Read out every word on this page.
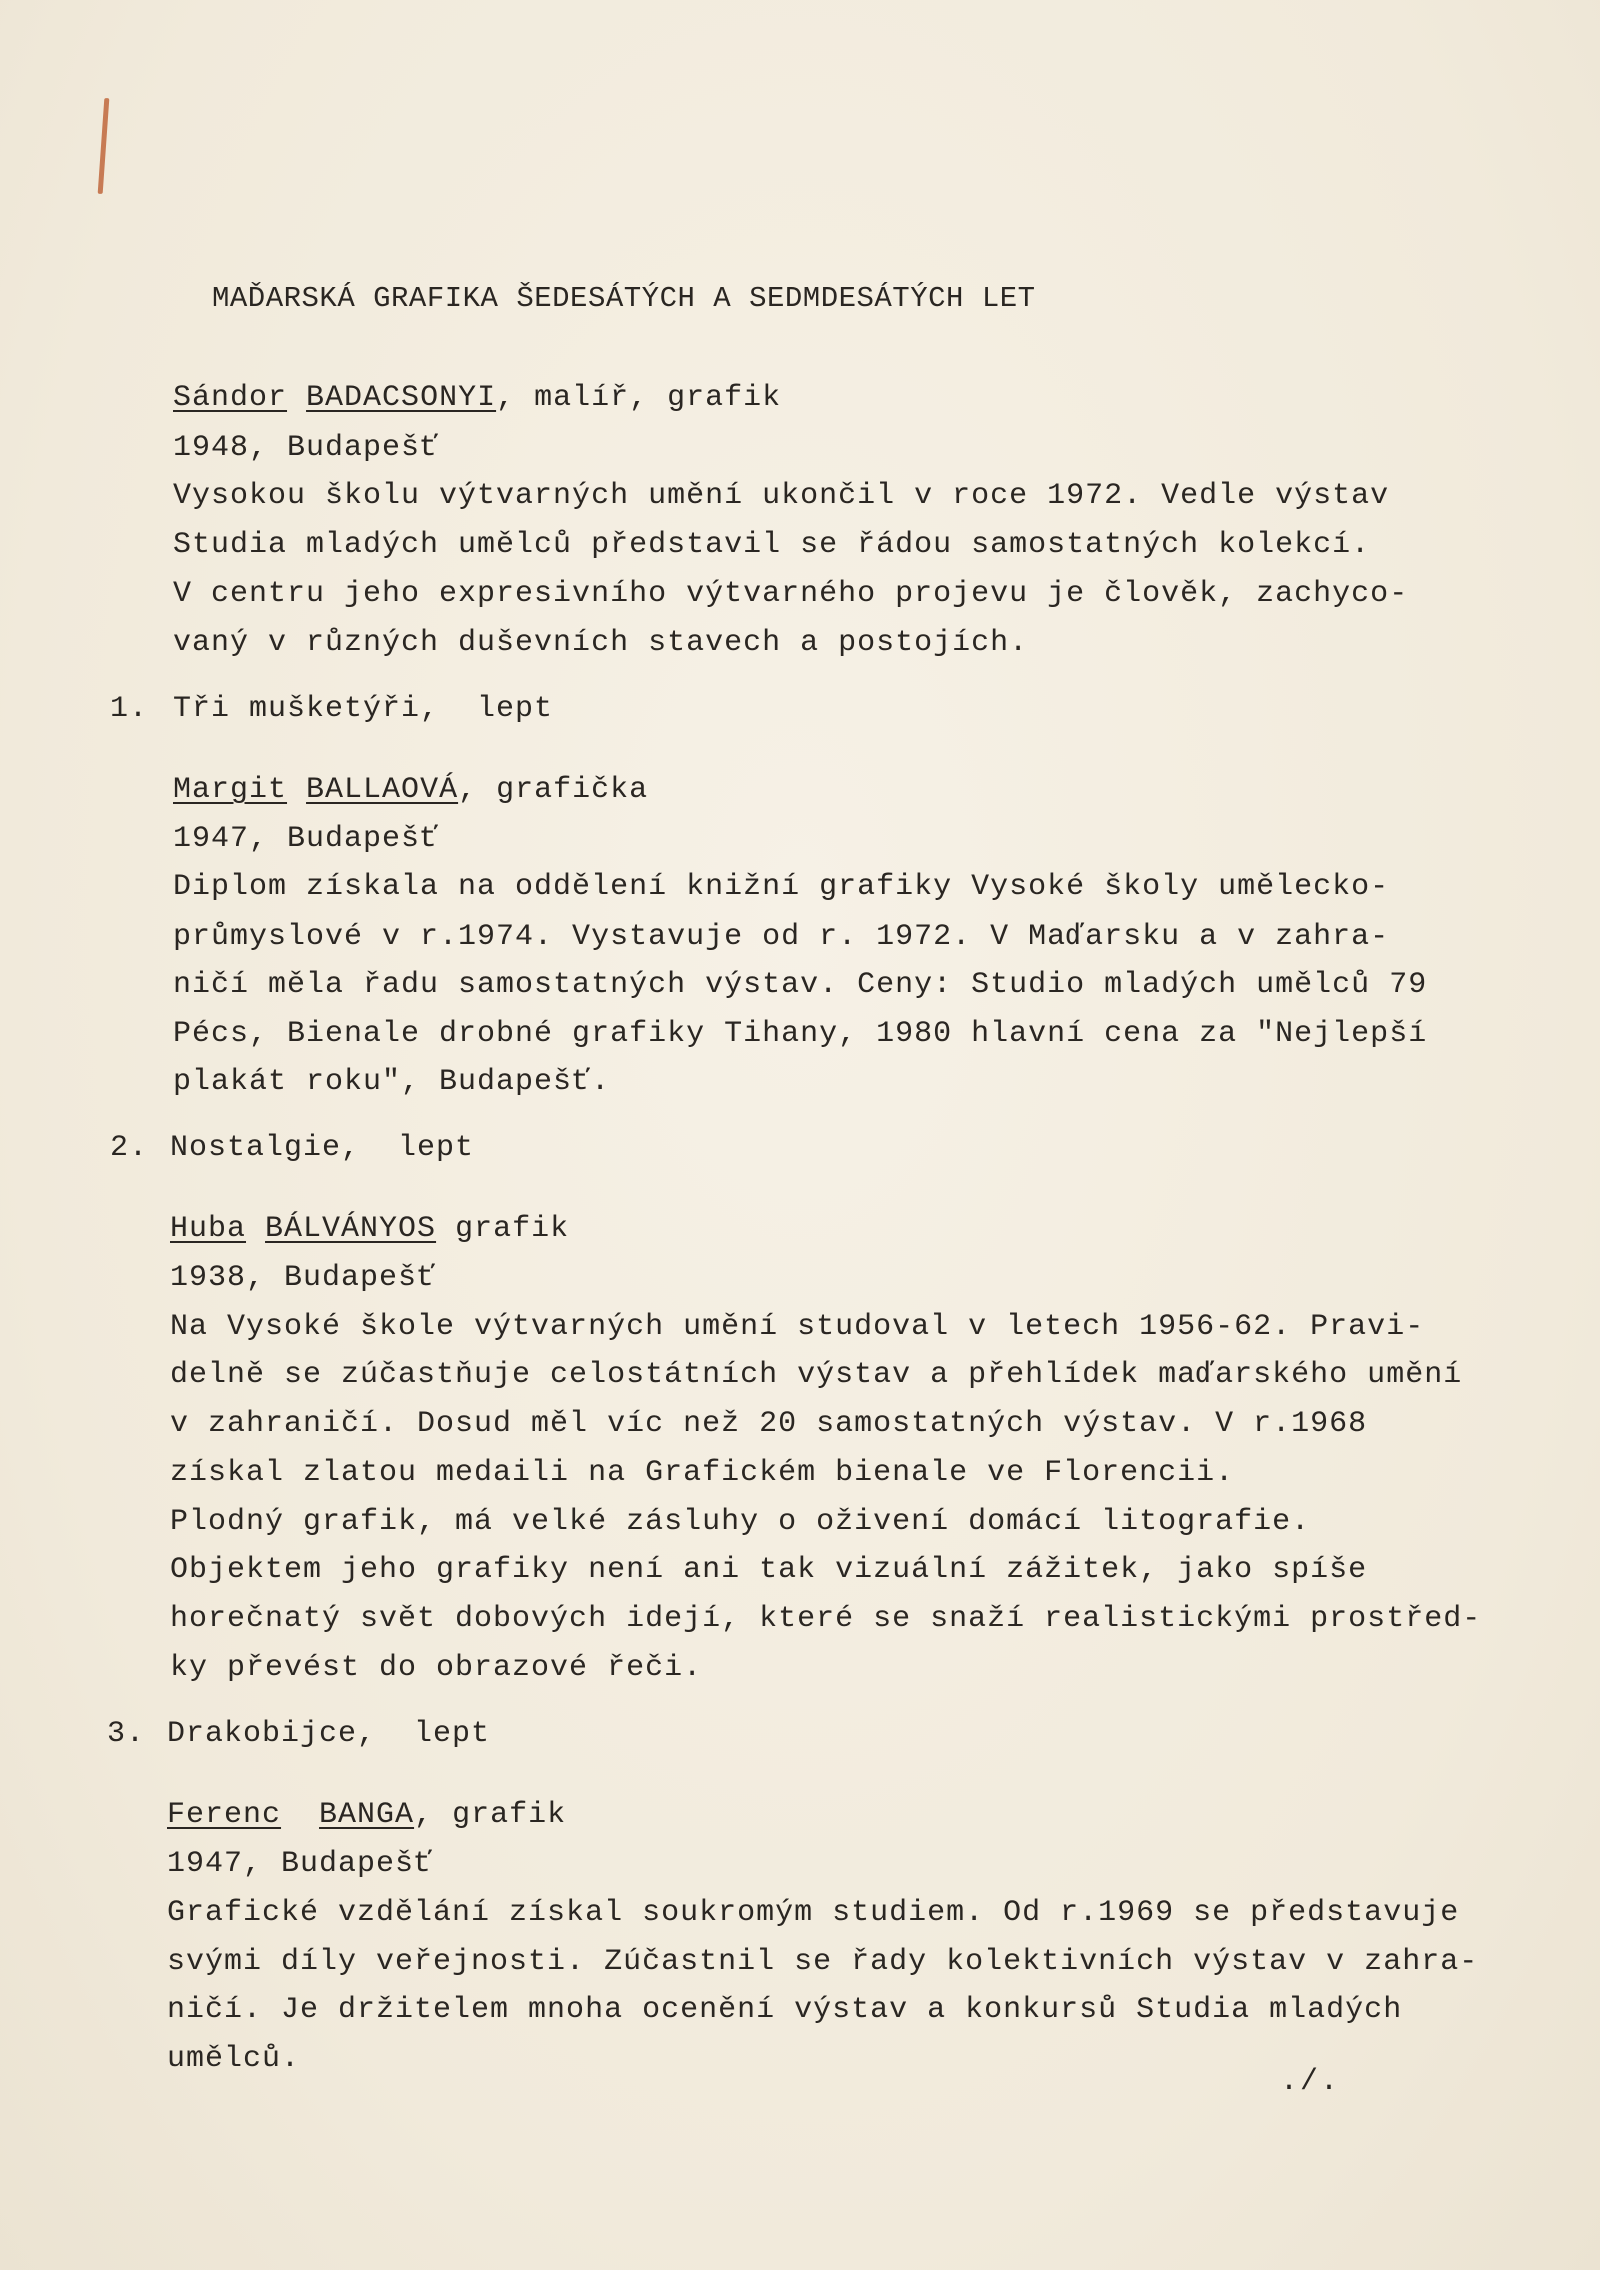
MAĎARSKÁ GRAFIKA ŠEDESÁTÝCH A SEDMDESÁTÝCH LET
Sándor BADACSONYI, malíř, grafik
1948, Budapešť
Vysokou školu výtvarných umění ukončil v roce 1972. Vedle výstav
Studia mladých umělců představil se řádou samostatných kolekcí.
V centru jeho expresivního výtvarného projevu je člověk, zachyco-
vaný v různých duševních stavech a postojích.
1. Tři mušketýři,  lept
Margit BALLAOVÁ, grafička
1947, Budapešť
Diplom získala na oddělení knižní grafiky Vysoké školy umělecko-
průmyslové v r.1974. Vystavuje od r. 1972. V Maďarsku a v zahra-
ničí měla řadu samostatných výstav. Ceny: Studio mladých umělců 79
Pécs, Bienale drobné grafiky Tihany, 1980 hlavní cena za "Nejlepší
plakát roku", Budapešť.
2. Nostalgie,  lept
Huba BÁLVÁNYOS grafik
1938, Budapešť
Na Vysoké škole výtvarných umění studoval v letech 1956-62. Pravi-
delně se zúčastňuje celostátních výstav a přehlídek maďarského umění
v zahraničí. Dosud měl víc než 20 samostatných výstav. V r.1968
získal zlatou medaili na Grafickém bienale ve Florencii.
Plodný grafik, má velké zásluhy o oživení domácí litografie.
Objektem jeho grafiky není ani tak vizuální zážitek, jako spíše
horečnatý svět dobových idejí, které se snaží realistickými prostřed-
ky převést do obrazové řeči.
3. Drakobijce,  lept
Ferenc BANGA, grafik
1947, Budapešť
Grafické vzdělání získal soukromým studiem. Od r.1969 se představuje
svými díly veřejnosti. Zúčastnil se řady kolektivních výstav v zahra-
ničí. Je držitelem mnoha ocenění výstav a konkursů Studia mladých
umělců.
./.
